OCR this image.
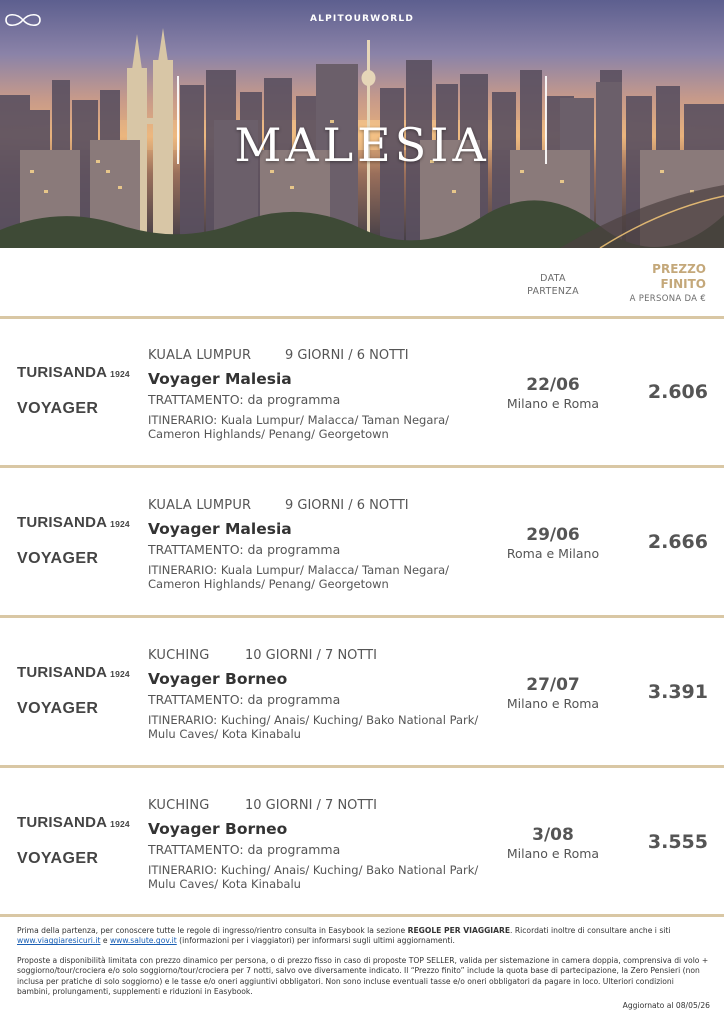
ALPITOURWORLD
MALESIA
DATA
PARTENZA
PREZZO
FINITO
A PERSONA DA €
TURISANDA 1924
VOYAGER
KUALA LUMPUR	9 GIORNI / 6 NOTTI
Voyager Malesia
TRATTAMENTO: da programma
ITINERARIO: Kuala Lumpur/ Malacca/ Taman Negara/ Cameron Highlands/ Penang/ Georgetown
22/06
Milano e Roma
2.606
TURISANDA 1924
VOYAGER
KUALA LUMPUR	9 GIORNI / 6 NOTTI
Voyager Malesia
TRATTAMENTO: da programma
ITINERARIO: Kuala Lumpur/ Malacca/ Taman Negara/ Cameron Highlands/ Penang/ Georgetown
29/06
Roma e Milano
2.666
TURISANDA 1924
VOYAGER
KUCHING	10 GIORNI / 7 NOTTI
Voyager Borneo
TRATTAMENTO: da programma
ITINERARIO: Kuching/ Anais/ Kuching/ Bako National Park/ Mulu Caves/ Kota Kinabalu
27/07
Milano e Roma
3.391
TURISANDA 1924
VOYAGER
KUCHING	10 GIORNI / 7 NOTTI
Voyager Borneo
TRATTAMENTO: da programma
ITINERARIO: Kuching/ Anais/ Kuching/ Bako National Park/ Mulu Caves/ Kota Kinabalu
3/08
Milano e Roma
3.555
Prima della partenza, per conoscere tutte le regole di ingresso/rientro consulta in Easybook la sezione REGOLE PER VIAGGIARE. Ricordati inoltre di consultare anche i siti www.viaggiaresicuri.it e www.salute.gov.it (informazioni per i viaggiatori) per informarsi sugli ultimi aggiornamenti.
Proposte a disponibilità limitata con prezzo dinamico per persona, o di prezzo fisso in caso di proposte TOP SELLER, valida per sistemazione in camera doppia, comprensiva di volo + soggiorno/tour/crociera e/o solo soggiorno/tour/crociera per 7 notti, salvo ove diversamente indicato. Il “Prezzo finito” include la quota base di partecipazione, la Zero Pensieri (non inclusa per pratiche di solo soggiorno) e le tasse e/o oneri aggiuntivi obbligatori. Non sono incluse eventuali tasse e/o oneri obbligatori da pagare in loco. Ulteriori condizioni bambini, prolungamenti, supplementi e riduzioni in Easybook.
Aggiornato al 08/05/26
